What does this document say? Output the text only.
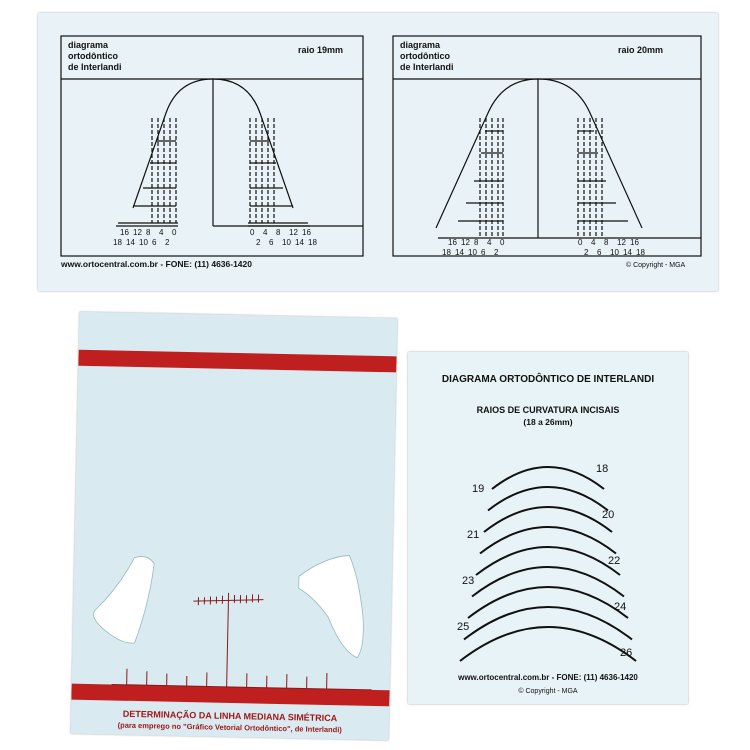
diagrama
ortodôntico
de Interlandi
raio 19mm	diagrama
ortodôntico
de Interlandi
raio 20mm
16 12 8 4 0
18 14 10 6 2
0 4 8 12 16
2 6 10 14 18	16 12 8 4 0
18 14 10 6 2
0 4 8 12 16
2 6 10 14 18
www.ortocentral.com.br - FONE: (11) 4636-1420	© Copyright - MGA
DETERMINAÇÃO DA LINHA MEDIANA SIMÉTRICA
(para emprego no "Gráfico Vetorial Ortodôntico", de Interlandi)
DIAGRAMA ORTODÔNTICO DE INTERLANDI
RAIOS DE CURVATURA INCISAIS
(18 a 26mm)
18
20
22
24
26
19
21
23
25
www.ortocentral.com.br - FONE: (11) 4636-1420
© Copyright - MGA
